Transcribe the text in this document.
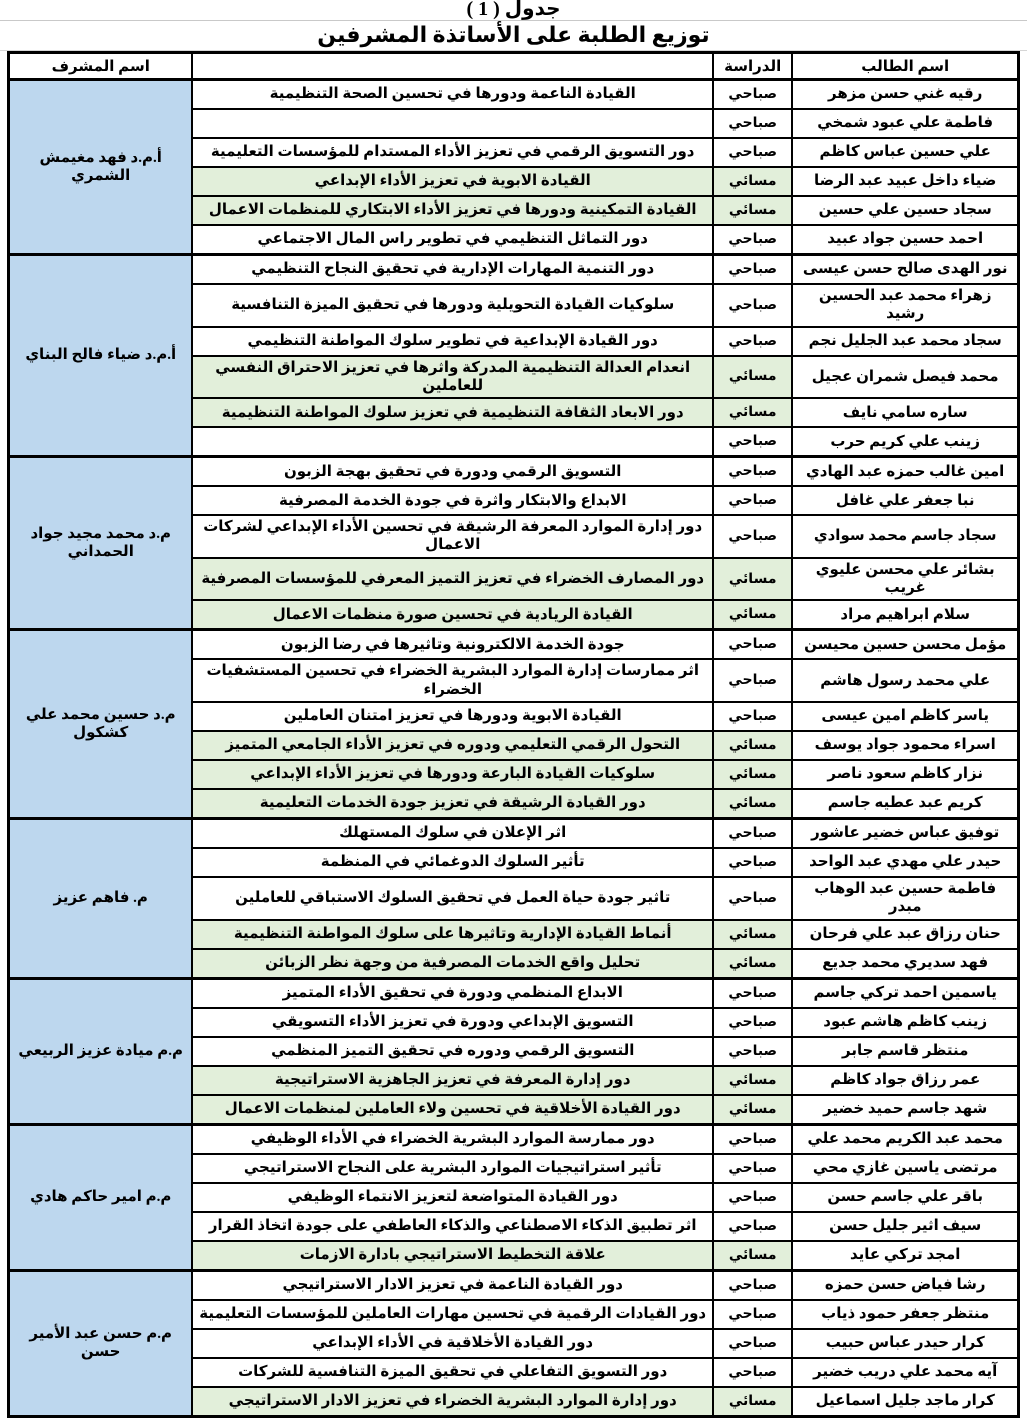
جدول ( 1 )
توزيع الطلبة على الأساتذة المشرفين
اسم الطالب	الدراسة		اسم المشرف
رقيه غني حسن مزهر	صباحي	القيادة الناعمة ودورها في تحسين الصحة التنظيمية	أ.م.د فهد مغيمش الشمري
فاطمة علي عبود شمخي	صباحي		
علي حسين عباس كاظم	صباحي	دور التسويق الرقمي في تعزيز الأداء المستدام للمؤسسات التعليمية	
ضياء داخل عبيد عبد الرضا	مسائي	القيادة الابوية في تعزيز الأداء الإبداعي	
سجاد حسين علي حسين	مسائي	القيادة التمكينية ودورها في تعزيز الأداء الابتكاري للمنظمات الاعمال	
احمد حسين جواد عبيد	صباحي	دور التماثل التنظيمي في تطوير راس المال الاجتماعي	
نور الهدى صالح حسن عيسى	صباحي	دور التنمية المهارات الإدارية في تحقيق النجاح التنظيمي	أ.م.د ضياء فالح البناي
زهراء محمد عبد الحسين رشيد	صباحي	سلوكيات القيادة التحويلية ودورها في تحقيق الميزة التنافسية	
سجاد محمد عبد الجليل نجم	صباحي	دور القيادة الإبداعية في تطوير سلوك المواطنة التنظيمي	
محمد فيصل شمران عجيل	مسائي	انعدام العدالة التنظيمية المدركة واثرها في تعزيز الاحتراق النفسي للعاملين	
ساره سامي نايف	مسائي	دور الابعاد الثقافة التنظيمية في تعزيز سلوك المواطنة التنظيمية	
زينب علي كريم حرب	صباحي		
امين غالب حمزه عبد الهادي	صباحي	التسويق الرقمي ودورة في تحقيق بهجة الزبون	م.د محمد مجيد جواد الحمداني
نبا جعفر علي غافل	صباحي	الابداع والابتكار واثرة في جودة الخدمة المصرفية	
سجاد جاسم محمد سوادي	صباحي	دور إدارة الموارد المعرفة الرشيقة في تحسين الأداء الإبداعي لشركات الاعمال	
بشائر علي محسن عليوي غريب	مسائي	دور المصارف الخضراء في تعزيز التميز المعرفي للمؤسسات المصرفية	
سلام ابراهيم مراد	مسائي	القيادة الريادية في تحسين صورة منظمات الاعمال	
مؤمل محسن حسين محيسن	صباحي	جودة الخدمة الالكترونية وتاثيرها في رضا الزبون	م.د حسين محمد علي كشكول
علي محمد رسول هاشم	صباحي	اثر ممارسات إدارة الموارد البشرية الخضراء في تحسين المستشفيات الخضراء	
ياسر كاظم امين عيسى	صباحي	القيادة الابوية ودورها في تعزيز امتنان العاملين	
اسراء محمود جواد يوسف	مسائي	التحول الرقمي التعليمي ودوره في تعزيز الأداء الجامعي المتميز	
نزار كاظم سعود ناصر	مسائي	سلوكيات القيادة البارعة ودورها في تعزيز الأداء الإبداعي	
كريم عبد عطيه جاسم	مسائي	دور القيادة الرشيقة في تعزيز جودة الخدمات التعليمية	
توفيق عباس خضير عاشور	صباحي	اثر الإعلان في سلوك المستهلك	م. فاهم عزيز
حيدر علي مهدي عبد الواحد	صباحي	تأثير السلوك الدوغمائي في المنظمة	
فاطمة حسين عبد الوهاب مبدر	صباحي	تاثير جودة حياة العمل في تحقيق السلوك الاستباقي للعاملين	
حنان رزاق عبد علي فرحان	مسائي	أنماط القيادة الإدارية وتاثيرها على سلوك المواطنة التنظيمية	
فهد سديري محمد جديع	مسائي	تحليل واقع الخدمات المصرفية من وجهة نظر الزبائن	
ياسمين احمد تركي جاسم	صباحي	الابداع المنظمي ودورة في تحقيق الأداء المتميز	م.م ميادة عزيز الربيعي
زينب كاظم هاشم عبود	صباحي	التسويق الإبداعي ودورة في تعزيز الأداء التسويقي	
منتظر قاسم جابر	صباحي	التسويق الرقمي ودوره في تحقيق التميز المنظمي	
عمر رزاق جواد كاظم	مسائي	دور إدارة المعرفة في تعزيز الجاهزية الاستراتيجية	
شهد جاسم حميد خضير	مسائي	دور القيادة الأخلاقية في تحسين ولاء العاملين لمنظمات الاعمال	
محمد عبد الكريم محمد علي	صباحي	دور ممارسة الموارد البشرية الخضراء في الأداء الوظيفي	م.م امير حاكم هادي
مرتضى ياسين غازي محي	صباحي	تأثير استراتيجيات الموارد البشرية على النجاح الاستراتيجي	
باقر علي جاسم حسن	صباحي	دور القيادة المتواضعة لتعزيز الانتماء الوظيفي	
سيف اثير جليل حسن	صباحي	اثر تطبيق الذكاء الاصطناعي والذكاء العاطفي على جودة اتخاذ القرار	
امجد تركي عايد	مسائي	علاقة التخطيط الاستراتيجي بادارة الازمات	
رشا فياض حسن حمزه	صباحي	دور القيادة الناعمة في تعزيز الادار الاستراتيجي	م.م حسن عبد الأمير حسن
منتظر جعفر حمود ذياب	صباحي	دور القيادات الرقمية في تحسين مهارات العاملين للمؤسسات التعليمية	
كرار حيدر عباس حبيب	صباحي	دور القيادة الأخلاقية في الأداء الإبداعي	
آيه محمد علي دريب خضير	صباحي	دور التسويق التفاعلي في تحقيق الميزة التنافسية للشركات	
كرار ماجد جليل اسماعيل	مسائي	دور إدارة الموارد البشرية الخضراء في تعزيز الادار الاستراتيجي	
